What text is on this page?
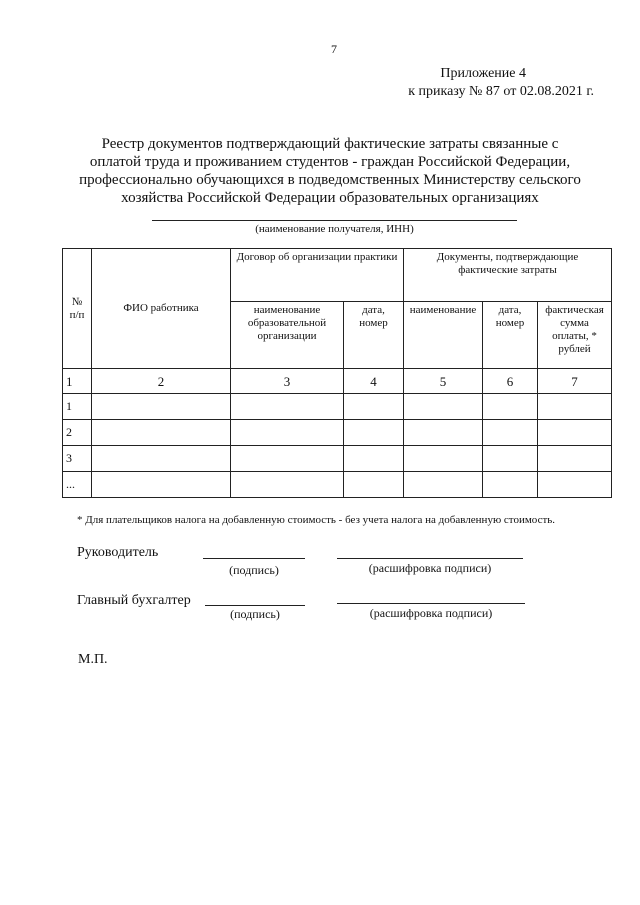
7
Приложение 4
к приказу № 87 от 02.08.2021 г.
Реестр документов подтверждающий фактические затраты связанные с
оплатой труда и проживанием студентов - граждан Российской Федерации,
профессионально обучающихся в подведомственных Министерству сельского
хозяйства Российской Федерации образовательных организациях
(наименование получателя, ИНН)
№ п/п	ФИО работника	Договор об организации практики		Документы, подтверждающие фактические затраты		
		наименование образовательной организации	дата, номер	наименование	дата, номер	фактическая сумма оплаты, * рублей
1	2	3	4	5	6	7
1						
2						
3						
...						
* Для плательщиков налога на добавленную стоимость - без учета налога на добавленную стоимость.
Руководитель
(подпись)	(расшифровка подписи)
Главный бухгалтер
(подпись)	(расшифровка подписи)
М.П.
